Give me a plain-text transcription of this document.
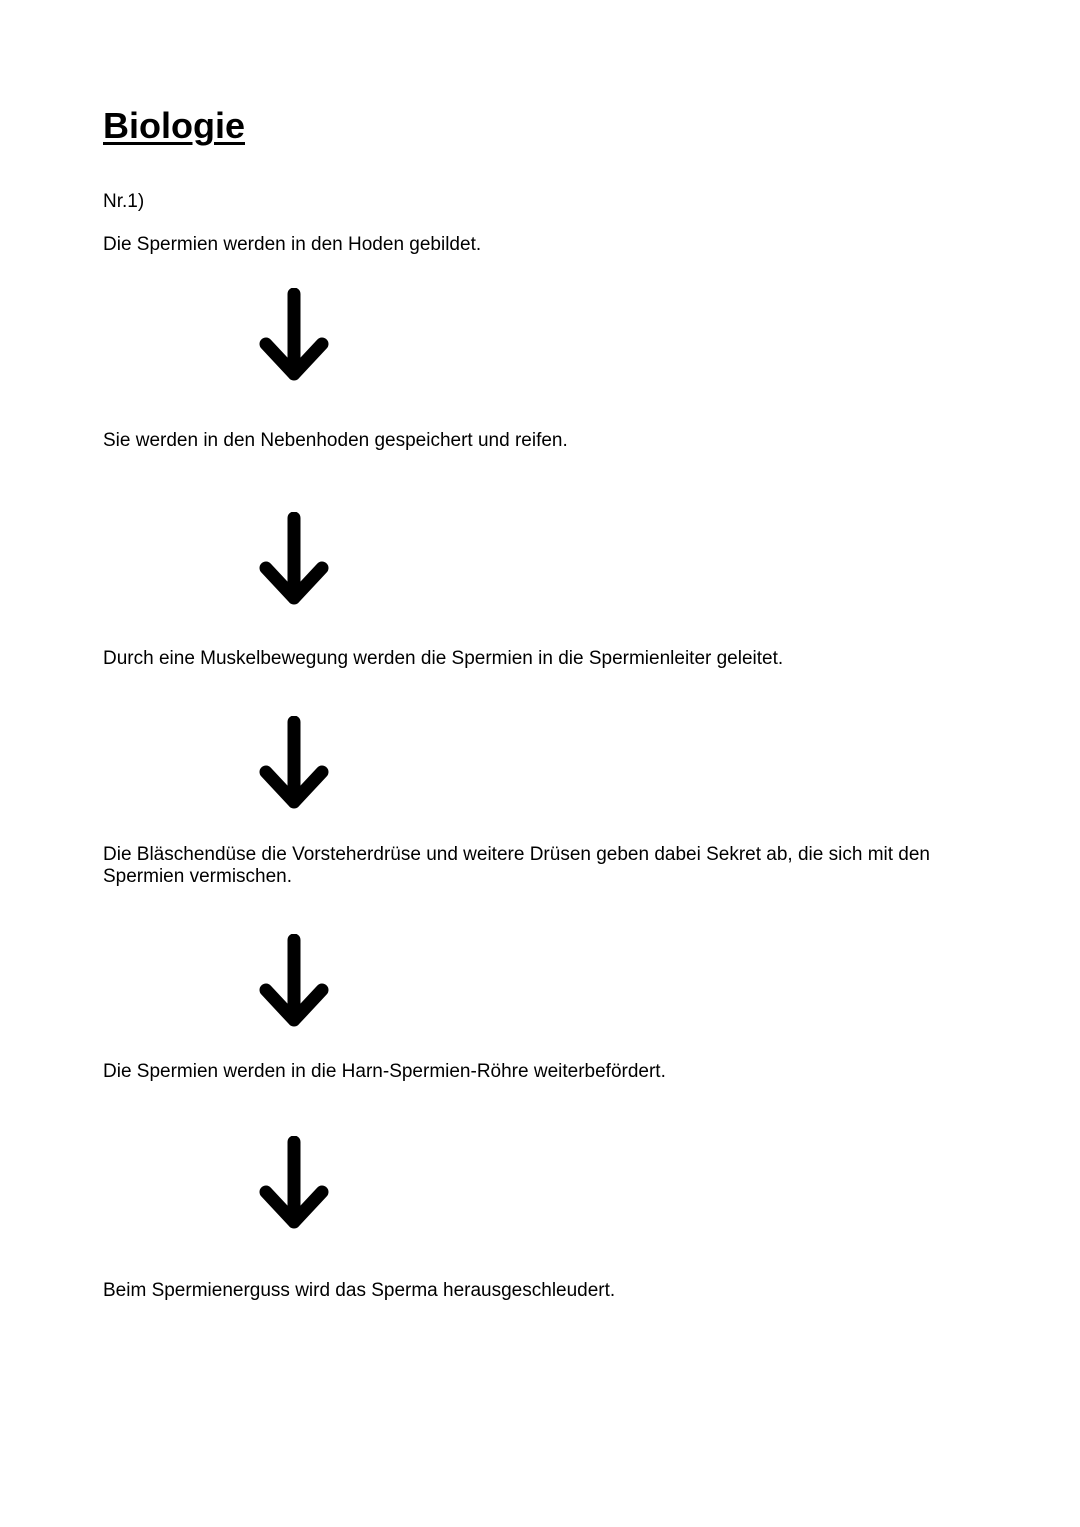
Biologie

Nr.1)

Die Spermien werden in den Hoden gebildet.

Sie werden in den Nebenhoden gespeichert und reifen.

Durch eine Muskelbewegung werden die Spermien in die Spermienleiter geleitet.

Die Bläschendüse die Vorsteherdrüse und weitere Drüsen geben dabei Sekret ab, die sich mit den Spermien vermischen.

Die Spermien werden in die Harn-Spermien-Röhre weiterbefördert.

Beim Spermienerguss wird das Sperma herausgeschleudert.
